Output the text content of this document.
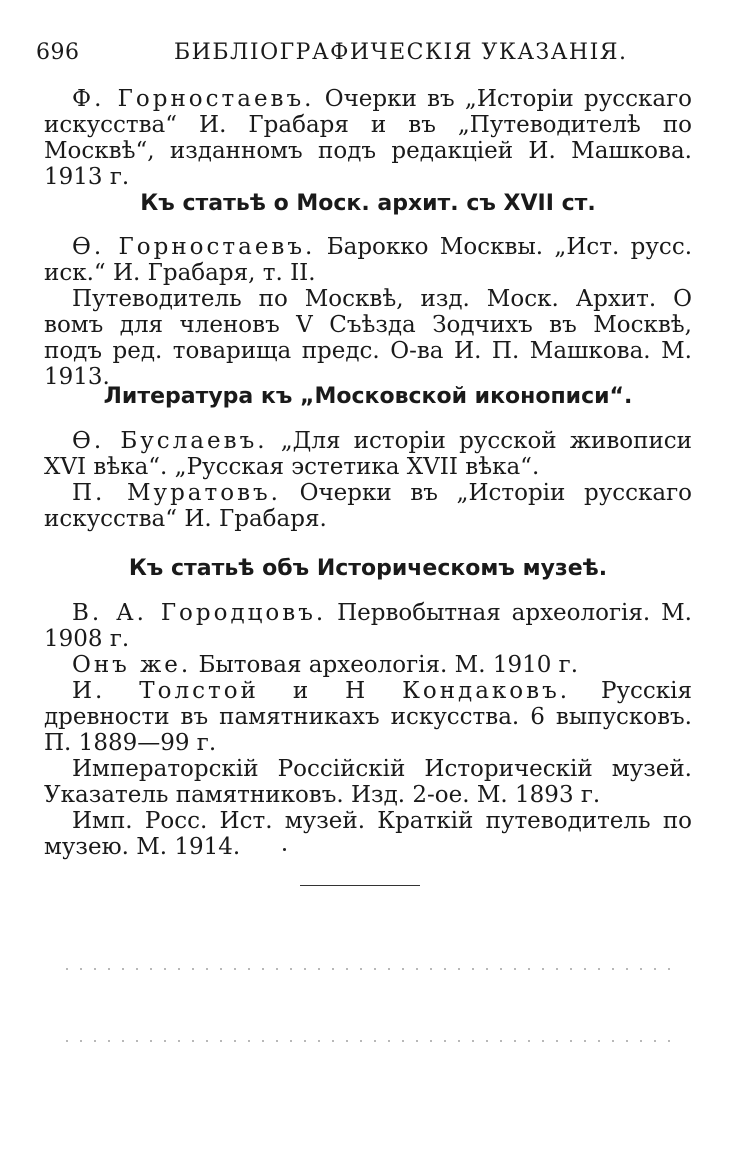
696	БИБЛІОГРАФИЧЕСКІЯ УКАЗАНІЯ.

Ф. Горностаевъ. Очерки въ „Исторіи русскаго искусства“ И. Грабаря и въ „Путеводителѣ по Москвѣ“, изданномъ подъ редакціей И. Машкова. 1913 г.

Къ статьѣ о Моск. архит. съ XVII ст.

Ѳ. Горностаевъ. Барокко Москвы. „Ист. русс. иск.“ И. Грабаря, т. II.

Путеводитель по Москвѣ, изд. Моск. Архит. О вомъ для членовъ V Съѣзда Зодчихъ въ Москвѣ, подъ ред. товарища предс. О-ва И. П. Машкова. М. 1913.

Литература къ „Московской иконописи“.

Ѳ. Буслаевъ. „Для исторіи русской живописи XVI вѣка“. „Русская эстетика XVII вѣка“.

П. Муратовъ. Очерки въ „Исторіи русскаго искусства“ И. Грабаря.

Къ статьѣ объ Историческомъ музеѣ.

В. А. Городцовъ. Первобытная археологія. М. 1908 г.

Онъ же. Бытовая археологія. М. 1910 г.

И. Толстой и Н Кондаковъ. Русскія древности въ памятникахъ искусства. 6 выпусковъ. П. 1889—99 г.

Императорскій Россійскій Историческій музей. Указатель памятниковъ. Изд. 2-ое. М. 1893 г.

Имп. Росс. Ист. музей. Краткій путеводитель по музею. М. 1914.
